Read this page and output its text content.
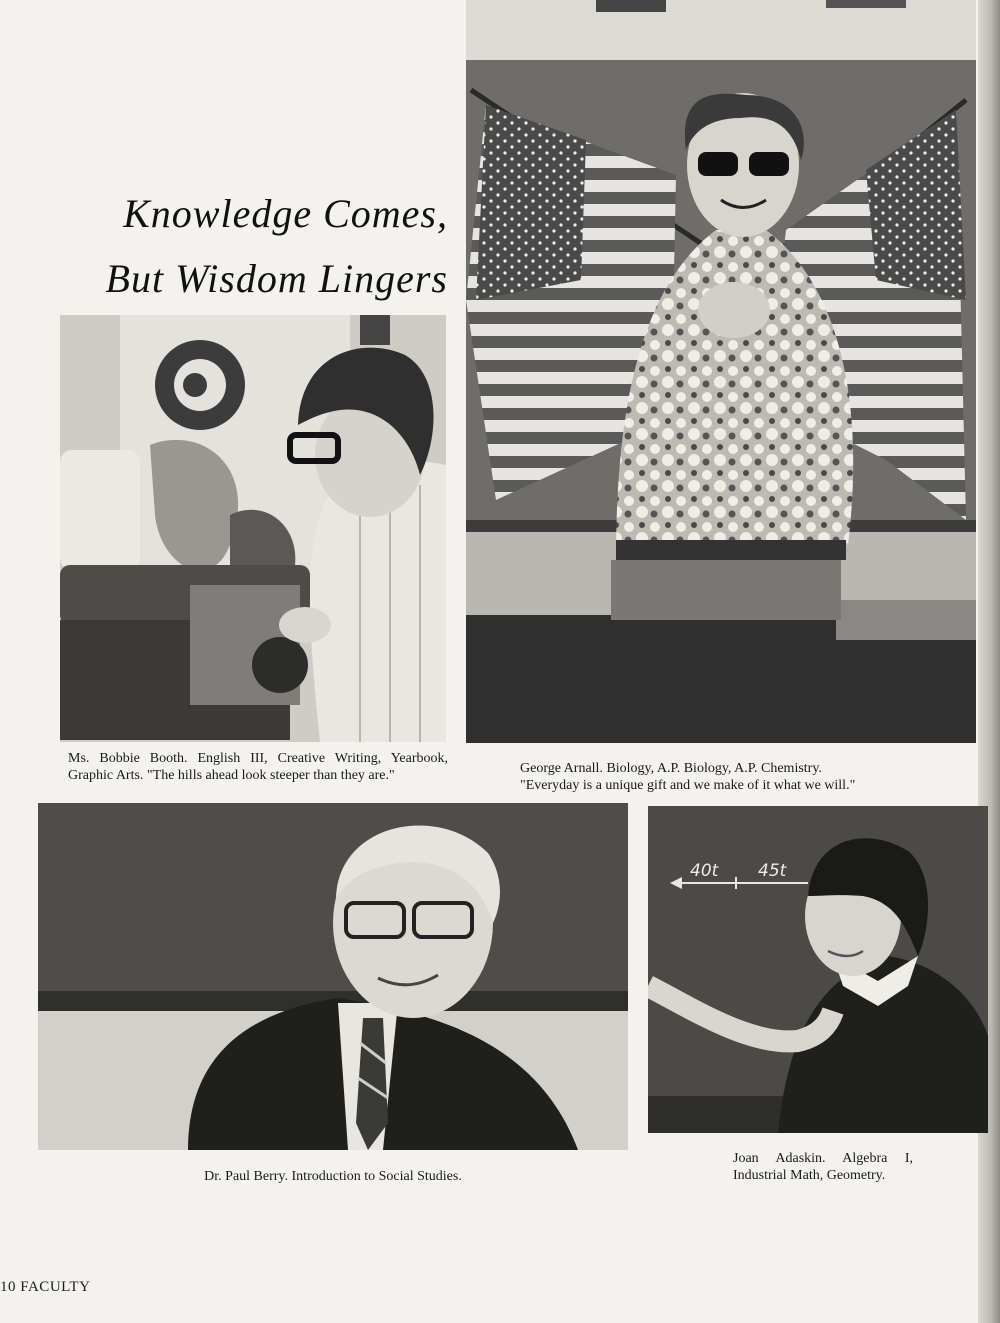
Knowledge Comes,
But Wisdom Lingers
Ms. Bobbie Booth. English III, Creative Writing, Yearbook, Graphic Arts. "The hills ahead look steeper than they are."	George Arnall. Biology, A.P. Biology, A.P. Chemistry.
"Everyday is a unique gift and we make of it what we will."
Dr. Paul Berry. Introduction to Social Studies.
40t 45t
Joan Adaskin. Algebra I, Industrial Math, Geometry.
10 FACULTY
